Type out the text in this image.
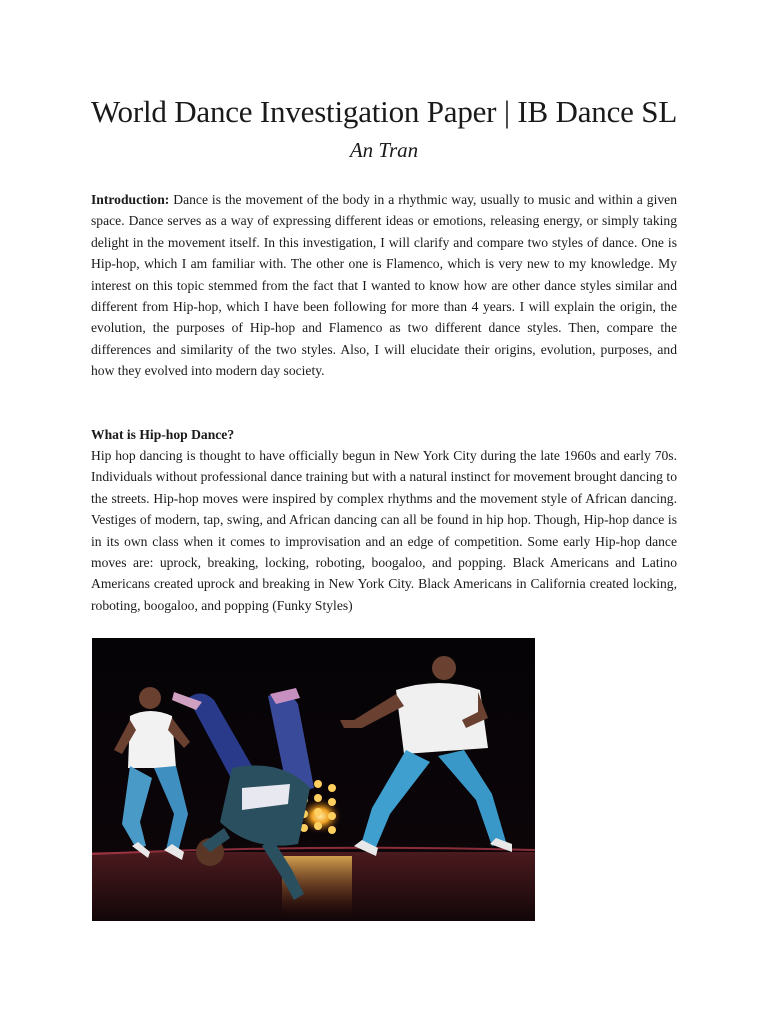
World Dance Investigation Paper | IB Dance SL

An Tran

Introduction: Dance is the movement of the body in a rhythmic way, usually to music and within a given space. Dance serves as a way of expressing different ideas or emotions, releasing energy, or simply taking delight in the movement itself. In this investigation, I will clarify and compare two styles of dance. One is Hip-hop, which I am familiar with. The other one is Flamenco, which is very new to my knowledge. My interest on this topic stemmed from the fact that I wanted to know how are other dance styles similar and different from Hip-hop, which I have been following for more than 4 years. I will explain the origin, the evolution, the purposes of Hip-hop and Flamenco as two different dance styles. Then, compare the differences and similarity of the two styles. Also, I will elucidate their origins, evolution, purposes, and how they evolved into modern day society.

What is Hip-hop Dance?

Hip hop dancing is thought to have officially begun in New York City during the late 1960s and early 70s. Individuals without professional dance training but with a natural instinct for movement brought dancing to the streets. Hip-hop moves were inspired by complex rhythms and the movement style of African dancing. Vestiges of modern, tap, swing, and African dancing can all be found in hip hop. Though, Hip-hop dance is in its own class when it comes to improvisation and an edge of competition. Some early Hip-hop dance moves are: uprock, breaking, locking, roboting, boogaloo, and popping. Black Americans and Latino Americans created uprock and breaking in New York City. Black Americans in California created locking, roboting, boogaloo, and popping (Funky Styles)
